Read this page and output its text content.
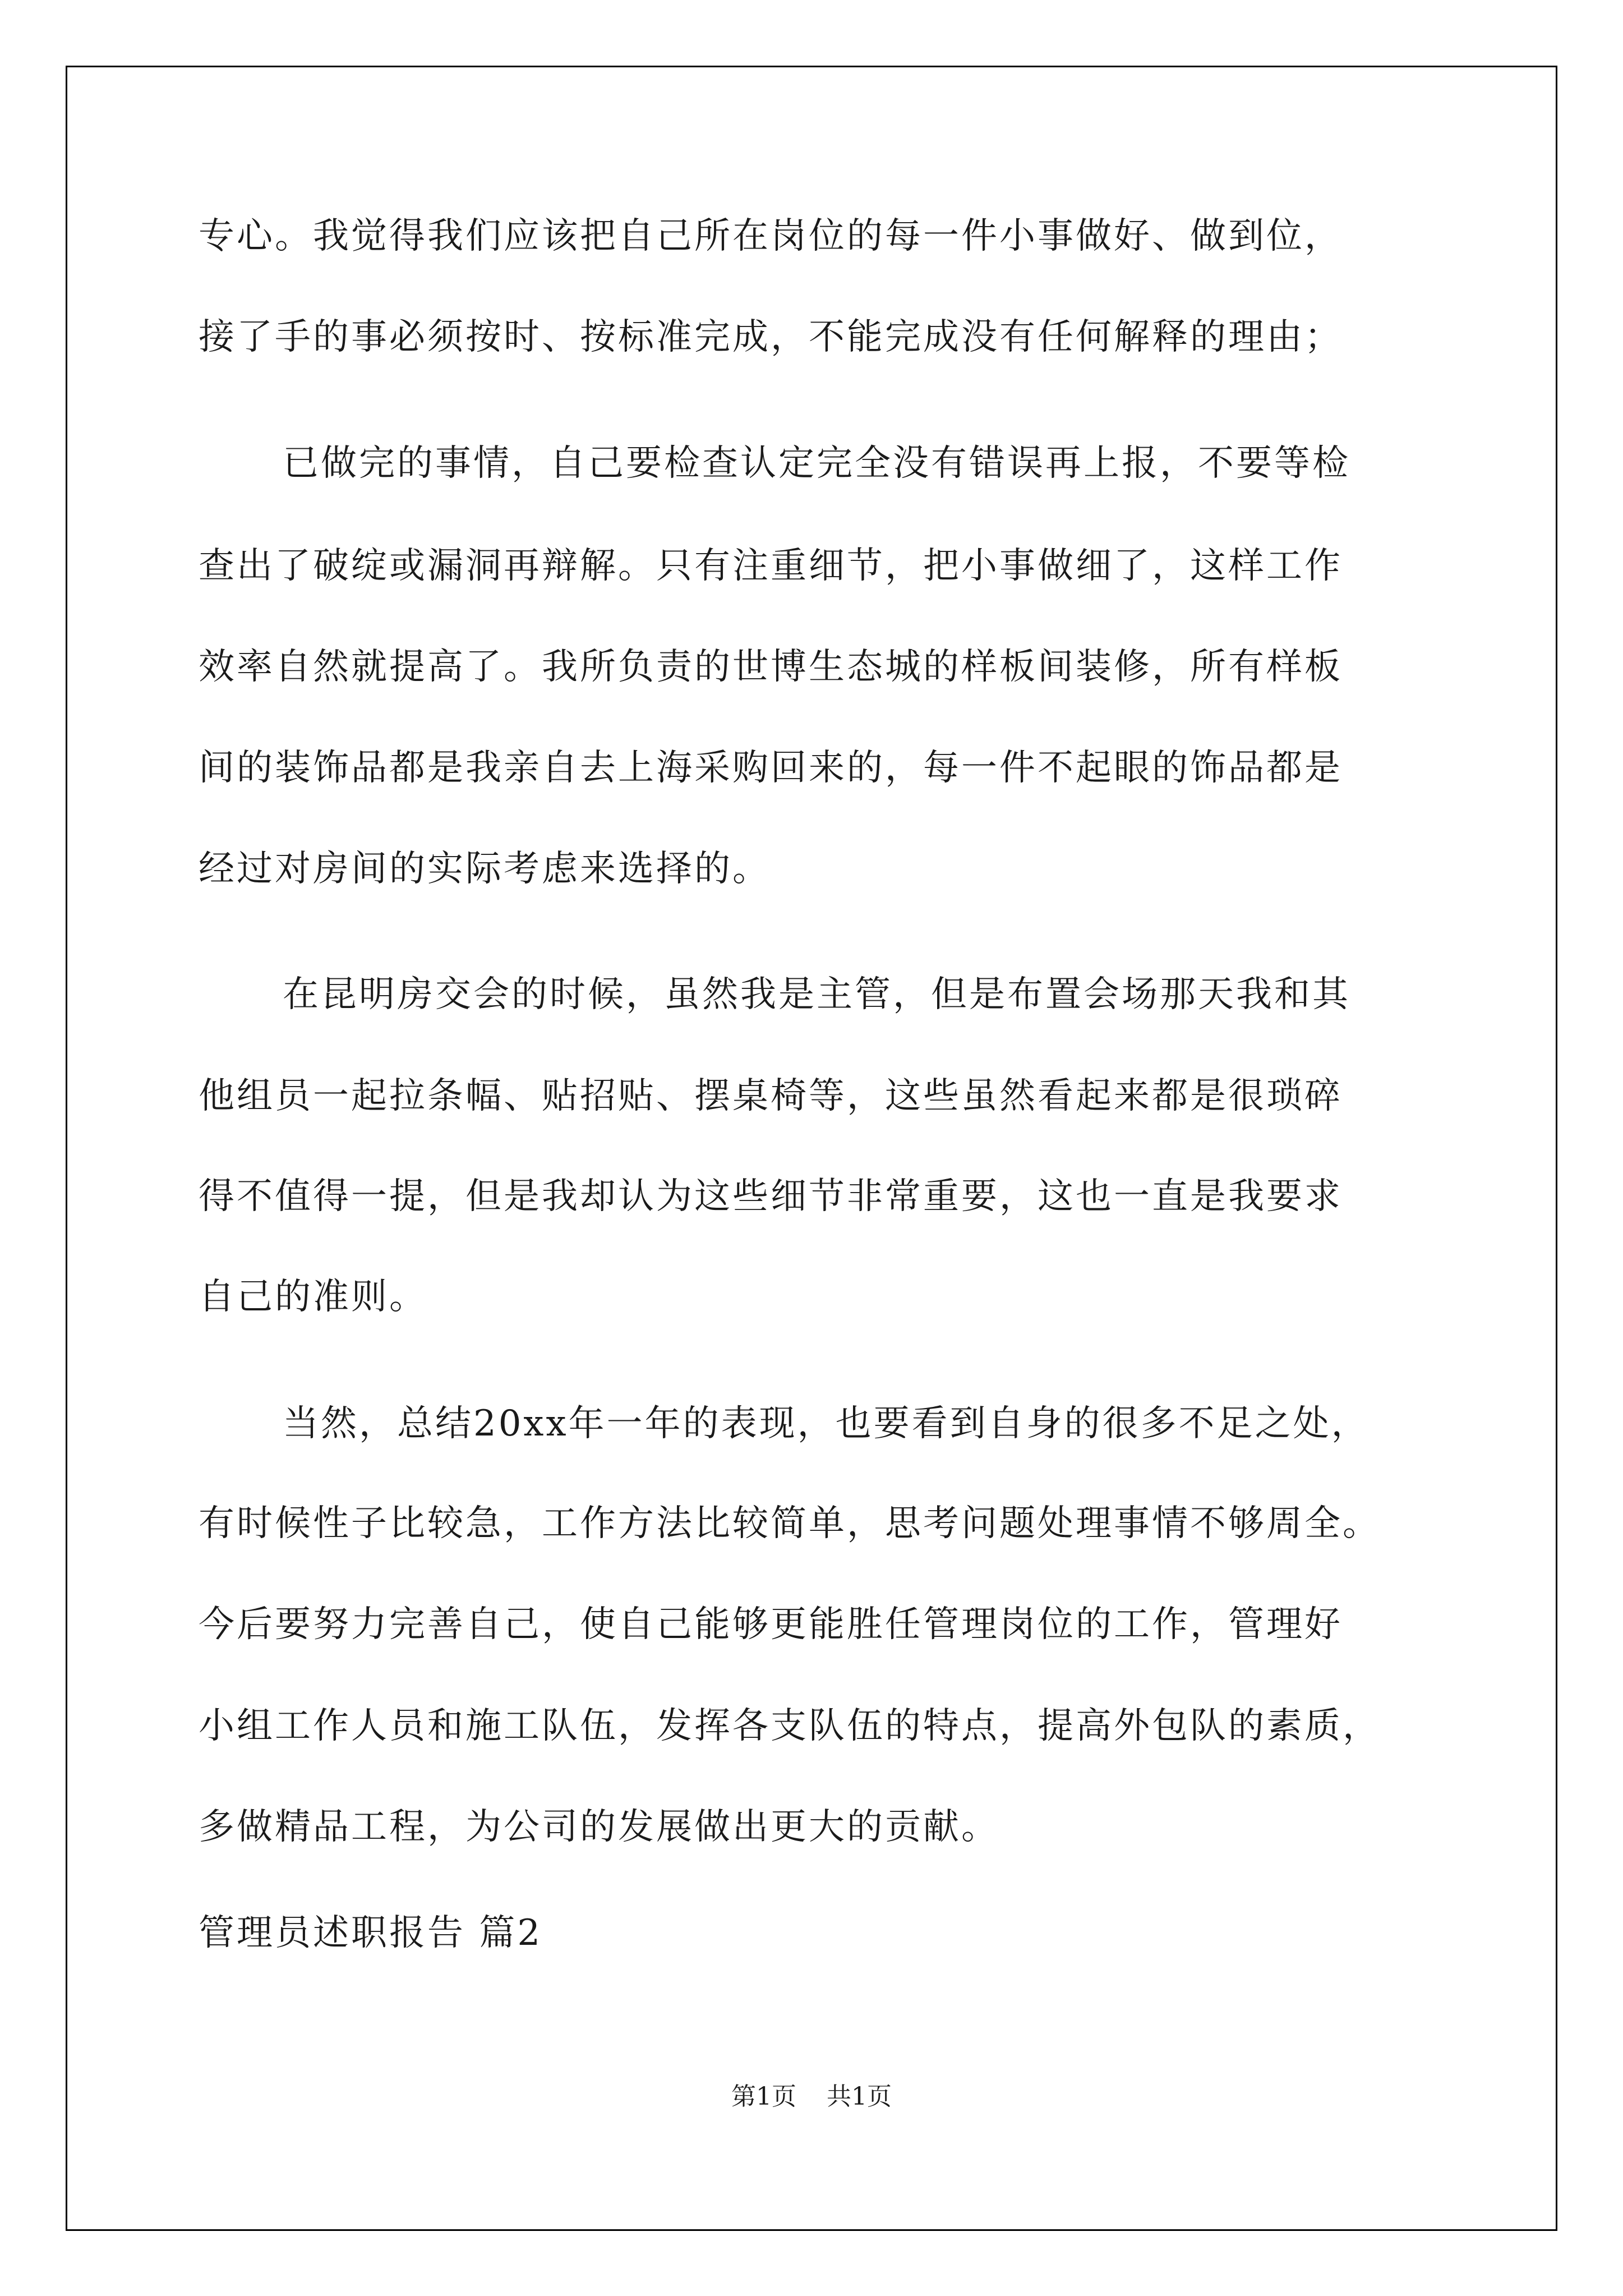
专心。我觉得我们应该把自己所在岗位的每一件小事做好、做到位，
接了手的事必须按时、按标准完成，不能完成没有任何解释的理由；
已做完的事情，自己要检查认定完全没有错误再上报，不要等检
查出了破绽或漏洞再辩解。只有注重细节，把小事做细了，这样工作
效率自然就提高了。我所负责的世博生态城的样板间装修，所有样板
间的装饰品都是我亲自去上海采购回来的，每一件不起眼的饰品都是
经过对房间的实际考虑来选择的。
在昆明房交会的时候，虽然我是主管，但是布置会场那天我和其
他组员一起拉条幅、贴招贴、摆桌椅等，这些虽然看起来都是很琐碎
得不值得一提，但是我却认为这些细节非常重要，这也一直是我要求
自己的准则。
当然，总结20xx年一年的表现，也要看到自身的很多不足之处，
有时候性子比较急，工作方法比较简单，思考问题处理事情不够周全。
今后要努力完善自己，使自己能够更能胜任管理岗位的工作，管理好
小组工作人员和施工队伍，发挥各支队伍的特点，提高外包队的素质，
多做精品工程，为公司的发展做出更大的贡献。
管理员述职报告 篇2
第1页 共1页
